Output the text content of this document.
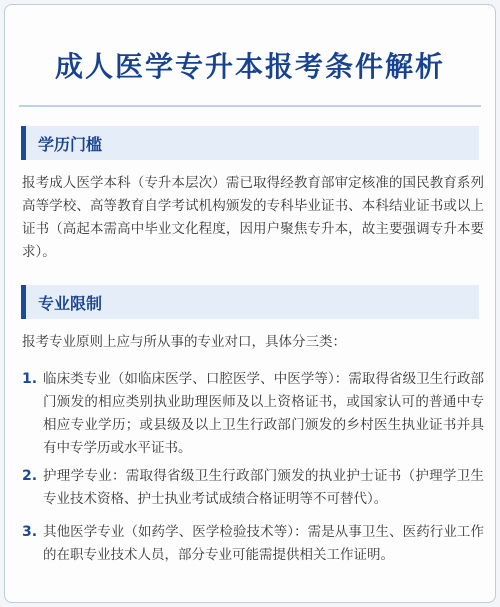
成人医学专升本报考条件解析
学历门槛
报考成人医学本科（专升本层次）需已取得经教育部审定核准的国民教育系列高等学校、高等教育自学考试机构颁发的专科毕业证书、本科结业证书或以上证书（高起本需高中毕业文化程度，因用户聚焦专升本，故主要强调专升本要求）。
专业限制
报考专业原则上应与所从事的专业对口，具体分三类：
1. 临床类专业（如临床医学、口腔医学、中医学等）：需取得省级卫生行政部门颁发的相应类别执业助理医师及以上资格证书，或国家认可的普通中专相应专业学历；或县级及以上卫生行政部门颁发的乡村医生执业证书并具有中专学历或水平证书。
2. 护理学专业：需取得省级卫生行政部门颁发的执业护士证书（护理学卫生专业技术资格、护士执业考试成绩合格证明等不可替代）。
3. 其他医学专业（如药学、医学检验技术等）：需是从事卫生、医药行业工作的在职专业技术人员，部分专业可能需提供相关工作证明。
